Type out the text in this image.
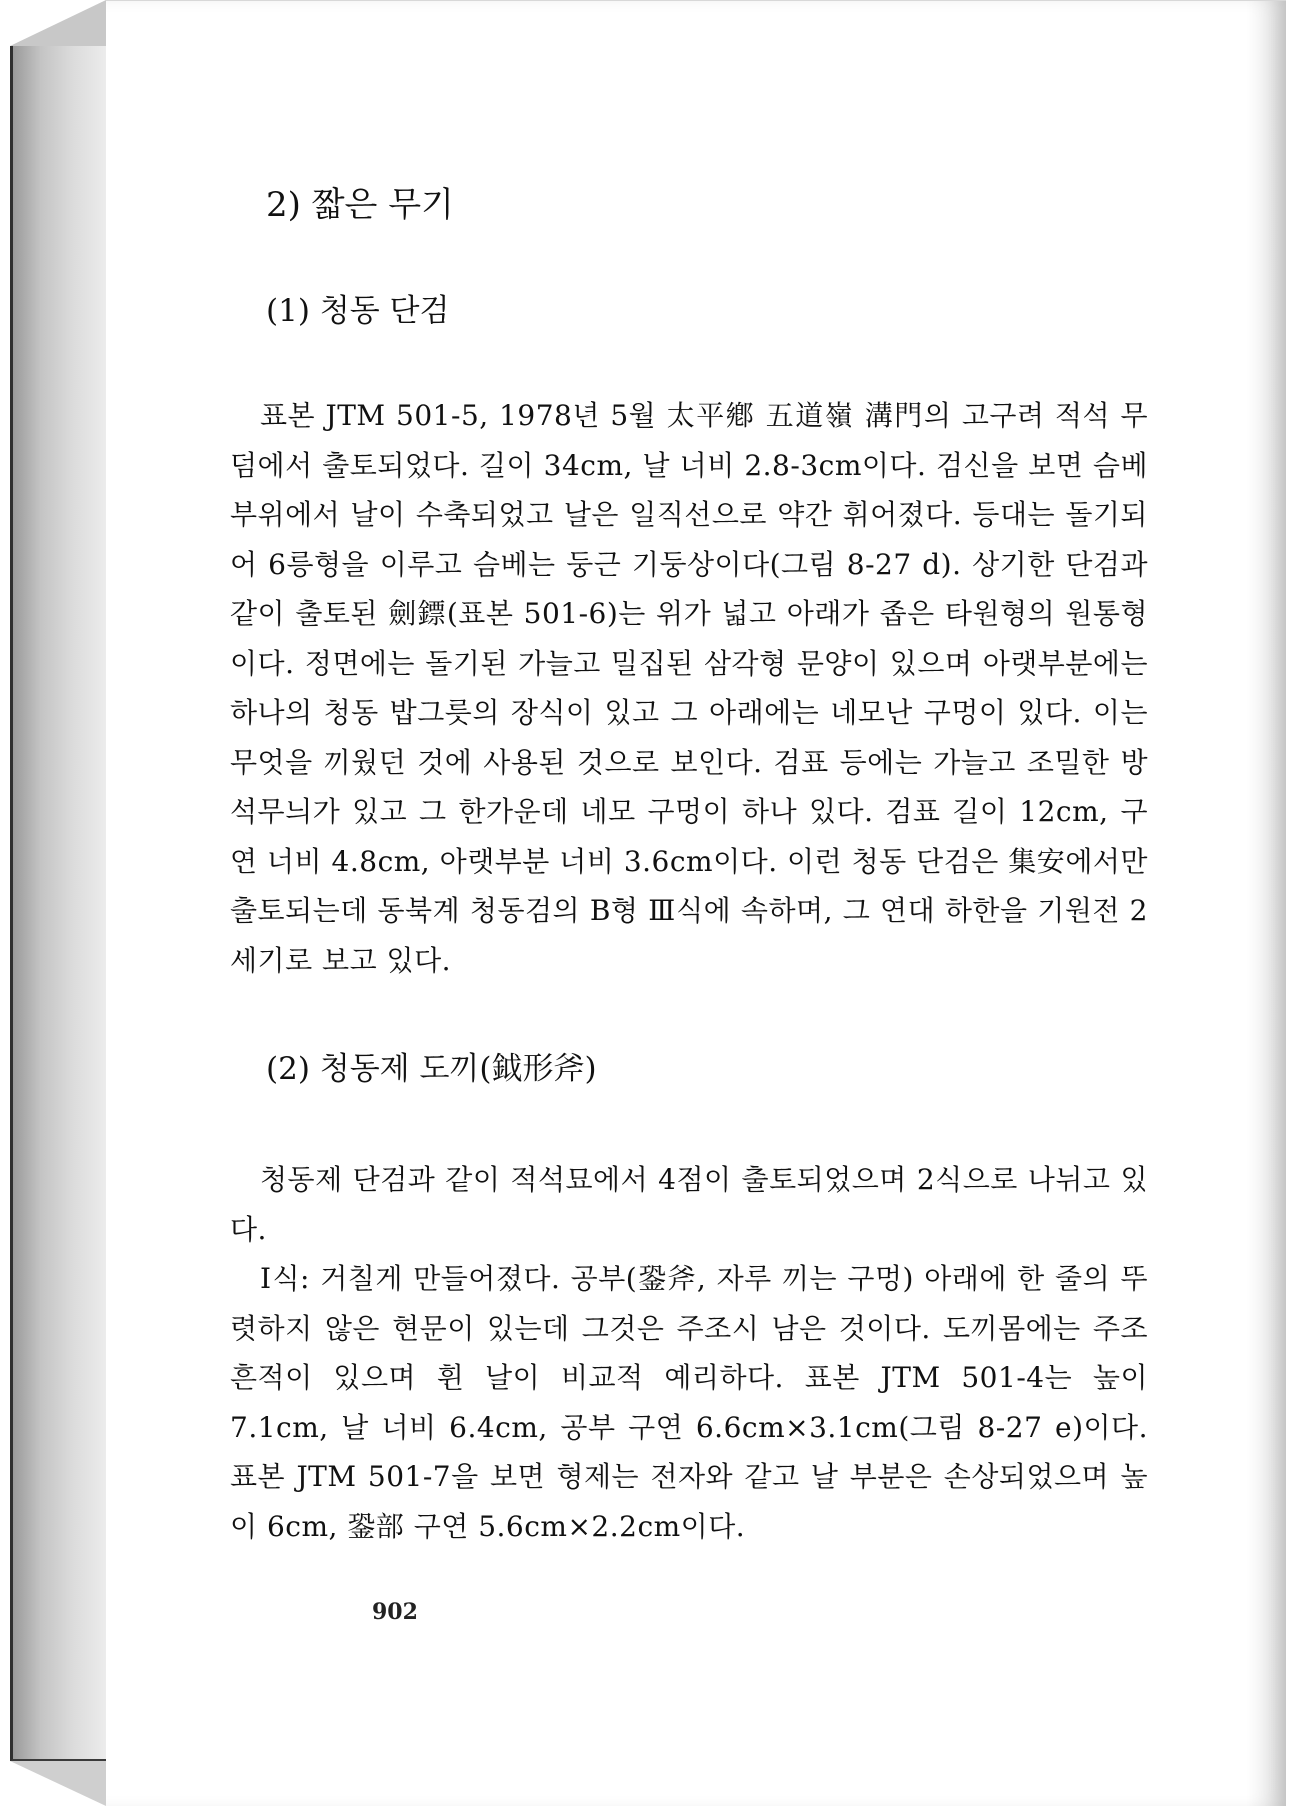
2) 짧은 무기
(1) 청동 단검

표본 JTM 501-5, 1978년 5월 太平鄕 五道嶺 溝門의 고구려 적석 무덤에서 출토되었다. 길이 34cm, 날 너비 2.8-3cm이다. 검신을 보면 슴베 부위에서 날이 수축되었고 날은 일직선으로 약간 휘어졌다. 등대는 돌기되어 6릉형을 이루고 슴베는 둥근 기둥상이다(그림 8-27 d). 상기한 단검과 같이 출토된 劍鏢(표본 501-6)는 위가 넓고 아래가 좁은 타원형의 원통형이다. 정면에는 돌기된 가늘고 밀집된 삼각형 문양이 있으며 아랫부분에는 하나의 청동 밥그릇의 장식이 있고 그 아래에는 네모난 구멍이 있다. 이는 무엇을 끼웠던 것에 사용된 것으로 보인다. 검표 등에는 가늘고 조밀한 방석무늬가 있고 그 한가운데 네모 구멍이 하나 있다. 검표 길이 12cm, 구연 너비 4.8cm, 아랫부분 너비 3.6cm이다. 이런 청동 단검은 集安에서만 출토되는데 동북계 청동검의 B형 Ⅲ식에 속하며, 그 연대 하한을 기원전 2세기로 보고 있다.

(2) 청동제 도끼(鉞形斧)

청동제 단검과 같이 적석묘에서 4점이 출토되었으며 2식으로 나뉘고 있다.

Ⅰ식: 거칠게 만들어졌다. 공부(銎斧, 자루 끼는 구멍) 아래에 한 줄의 뚜렷하지 않은 현문이 있는데 그것은 주조시 남은 것이다. 도끼몸에는 주조 흔적이 있으며 휜 날이 비교적 예리하다. 표본 JTM 501-4는 높이 7.1cm, 날 너비 6.4cm, 공부 구연 6.6cm×3.1cm(그림 8-27 e)이다. 표본 JTM 501-7을 보면 형제는 전자와 같고 날 부분은 손상되었으며 높이 6cm, 銎部 구연 5.6cm×2.2cm이다.

902
